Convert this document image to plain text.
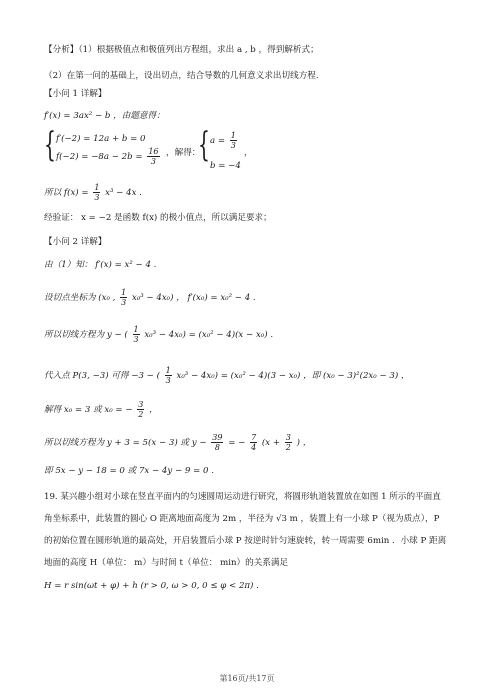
【分析】（1）根据极值点和极值列出方程组，求出 a , b ，得到解析式；
（2）在第一问的基础上，设出切点，结合导数的几何意义求出切线方程.
【小问 1 详解】
f′(x) = 3ax² − b ，由题意得：
{ f′(−2) = 12a + b = 0
$f(-2) = -8a - 2b = \frac{16}{3}$ ，解得：
{ $a = \frac{1}{3}$
b = −4
，
所以 $f(x) = \frac{1}{3} x^3 - 4x$ .
经验证： x = −2 是函数 f(x) 的极小值点，所以满足要求；
【小问 2 详解】
由（1）知： f′(x) = x² − 4 .
设切点坐标为 (x₀ , $\frac{1}{3} x_0^3 - 4x_0$) ， f′(x₀) = x₀² − 4 .
所以切线方程为 y − ( $\frac{1}{3} x_0^3 - 4x_0) = (x_0^2 - 4)(x - x_0)$ .
代入点 P(3, −3) 可得 −3 − ( $\frac{1}{3} x_0^3 - 4x_0) = (x_0^2 - 4)(3 - x_0)$ ，即 (x₀ − 3)²(2x₀ − 3) ，
解得 x₀ = 3 或 x₀ = − $\frac{3}{2}$ ，
所以切线方程为 y + 3 = 5(x − 3) 或 $y - \frac{39}{8}$ = − $\frac{7}{4} (x + \frac{3}{2}$ ) ，
即 5x − y − 18 = 0 或 7x − 4y − 9 = 0 .
19. 某兴趣小组对小球在竖直平面内的匀速圆周运动进行研究，将圆形轨道装置放在如图 1 所示的平面直
角坐标系中，此装置的圆心 O 距离地面高度为 2m ，半径为 √3 m ，装置上有一小球 P（视为质点），P
的初始位置在圆形轨道的最高处，开启装置后小球 P 按逆时针匀速旋转，转一周需要 6min ．小球 P 距离
地面的高度 H（单位： m）与时间 t（单位： min）的关系满足
H = r sin(ωt + φ) + h (r > 0, ω > 0, 0 ≤ φ < 2π) .
第16页/共17页
